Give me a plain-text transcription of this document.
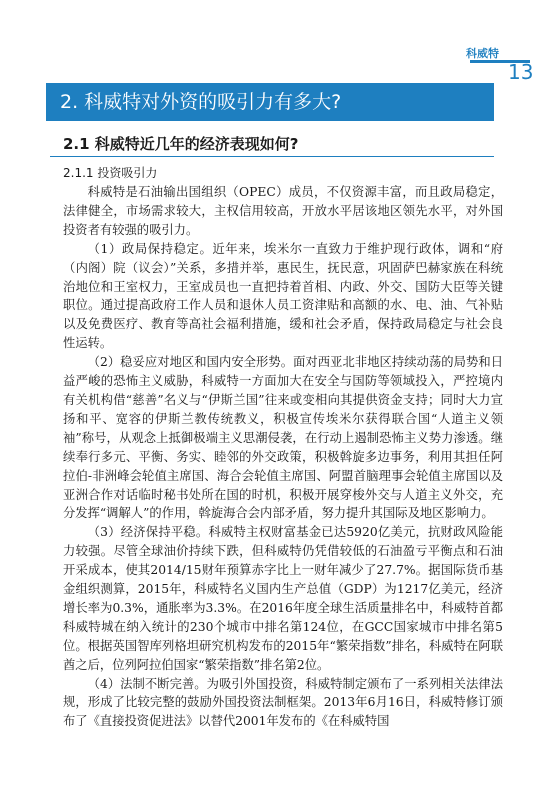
科威特
13
2. 科威特对外资的吸引力有多大?
2.1 科威特近几年的经济表现如何?
2.1.1 投资吸引力

科威特是石油输出国组织（OPEC）成员，不仅资源丰富，而且政局稳定，法律健全，市场需求较大，主权信用较高，开放水平居该地区领先水平，对外国投资者有较强的吸引力。

（1）政局保持稳定。近年来，埃米尔一直致力于维护现行政体，调和“府（内阁）院（议会）”关系，多措并举，惠民生，抚民意，巩固萨巴赫家族在科统治地位和王室权力，王室成员也一直把持着首相、内政、外交、国防大臣等关键职位。通过提高政府工作人员和退休人员工资津贴和高额的水、电、油、气补贴以及免费医疗、教育等高社会福利措施，缓和社会矛盾，保持政局稳定与社会良性运转。

（2）稳妥应对地区和国内安全形势。面对西亚北非地区持续动荡的局势和日益严峻的恐怖主义威胁，科威特一方面加大在安全与国防等领域投入，严控境内有关机构借“慈善”名义与“伊斯兰国”往来或变相向其提供资金支持；同时大力宣扬和平、宽容的伊斯兰教传统教义，积极宣传埃米尔获得联合国“人道主义领袖”称号，从观念上抵御极端主义思潮侵袭，在行动上遏制恐怖主义势力渗透。继续奉行多元、平衡、务实、睦邻的外交政策，积极斡旋多边事务，利用其担任阿拉伯-非洲峰会轮值主席国、海合会轮值主席国、阿盟首脑理事会轮值主席国以及亚洲合作对话临时秘书处所在国的时机，积极开展穿梭外交与人道主义外交，充分发挥“调解人”的作用，斡旋海合会内部矛盾，努力提升其国际及地区影响力。

（3）经济保持平稳。科威特主权财富基金已达5920亿美元，抗财政风险能力较强。尽管全球油价持续下跌，但科威特仍凭借较低的石油盈亏平衡点和石油开采成本，使其2014/15财年预算赤字比上一财年减少了27.7%。据国际货币基金组织测算，2015年，科威特名义国内生产总值（GDP）为1217亿美元，经济增长率为0.3%，通胀率为3.3%。在2016年度全球生活质量排名中，科威特首都科威特城在纳入统计的230个城市中排名第124位，在GCC国家城市中排名第5位。根据英国智库列格坦研究机构发布的2015年“繁荣指数”排名，科威特在阿联酋之后，位列阿拉伯国家“繁荣指数”排名第2位。

（4）法制不断完善。为吸引外国投资，科威特制定颁布了一系列相关法律法规，形成了比较完整的鼓励外国投资法制框架。2013年6月16日，科威特修订颁布了《直接投资促进法》以替代2001年发布的《在科威特国
